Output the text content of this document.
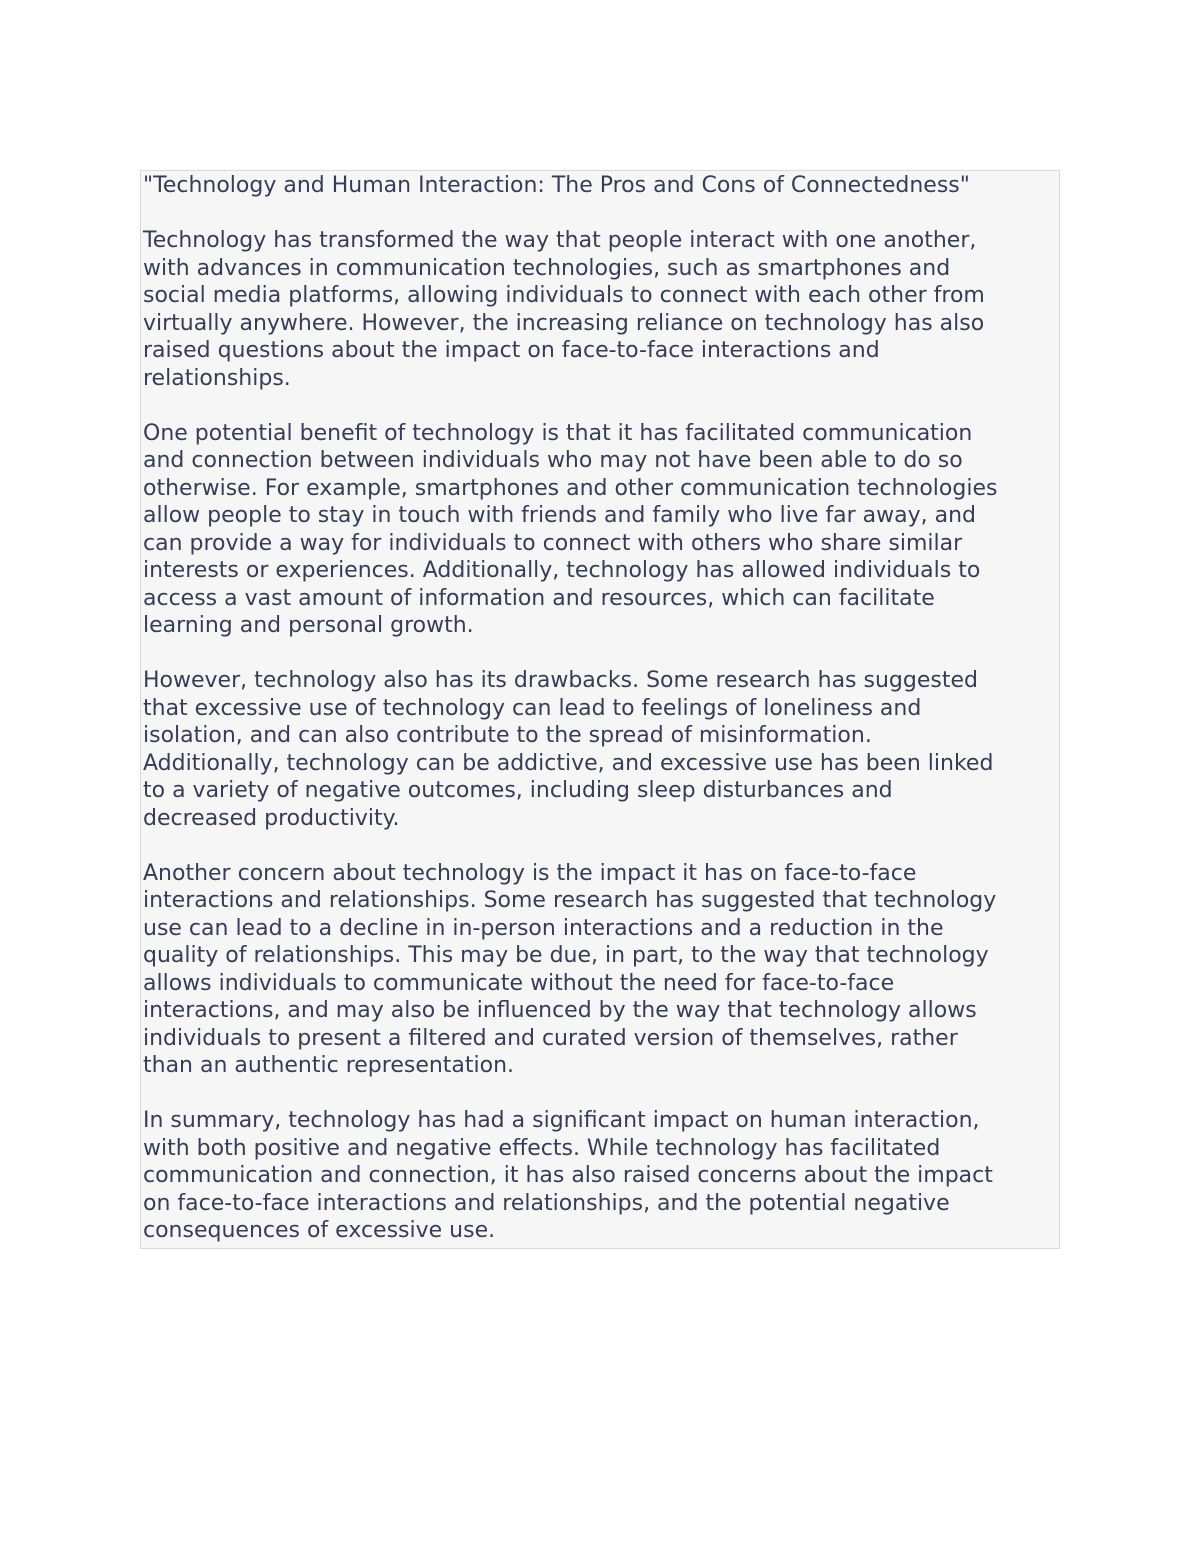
"Technology and Human Interaction: The Pros and Cons of Connectedness"
Technology has transformed the way that people interact with one another,
with advances in communication technologies, such as smartphones and
social media platforms, allowing individuals to connect with each other from
virtually anywhere. However, the increasing reliance on technology has also
raised questions about the impact on face-to-face interactions and
relationships.
One potential benefit of technology is that it has facilitated communication
and connection between individuals who may not have been able to do so
otherwise. For example, smartphones and other communication technologies
allow people to stay in touch with friends and family who live far away, and
can provide a way for individuals to connect with others who share similar
interests or experiences. Additionally, technology has allowed individuals to
access a vast amount of information and resources, which can facilitate
learning and personal growth.
However, technology also has its drawbacks. Some research has suggested
that excessive use of technology can lead to feelings of loneliness and
isolation, and can also contribute to the spread of misinformation.
Additionally, technology can be addictive, and excessive use has been linked
to a variety of negative outcomes, including sleep disturbances and
decreased productivity.
Another concern about technology is the impact it has on face-to-face
interactions and relationships. Some research has suggested that technology
use can lead to a decline in in-person interactions and a reduction in the
quality of relationships. This may be due, in part, to the way that technology
allows individuals to communicate without the need for face-to-face
interactions, and may also be influenced by the way that technology allows
individuals to present a filtered and curated version of themselves, rather
than an authentic representation.
In summary, technology has had a significant impact on human interaction,
with both positive and negative effects. While technology has facilitated
communication and connection, it has also raised concerns about the impact
on face-to-face interactions and relationships, and the potential negative
consequences of excessive use.
